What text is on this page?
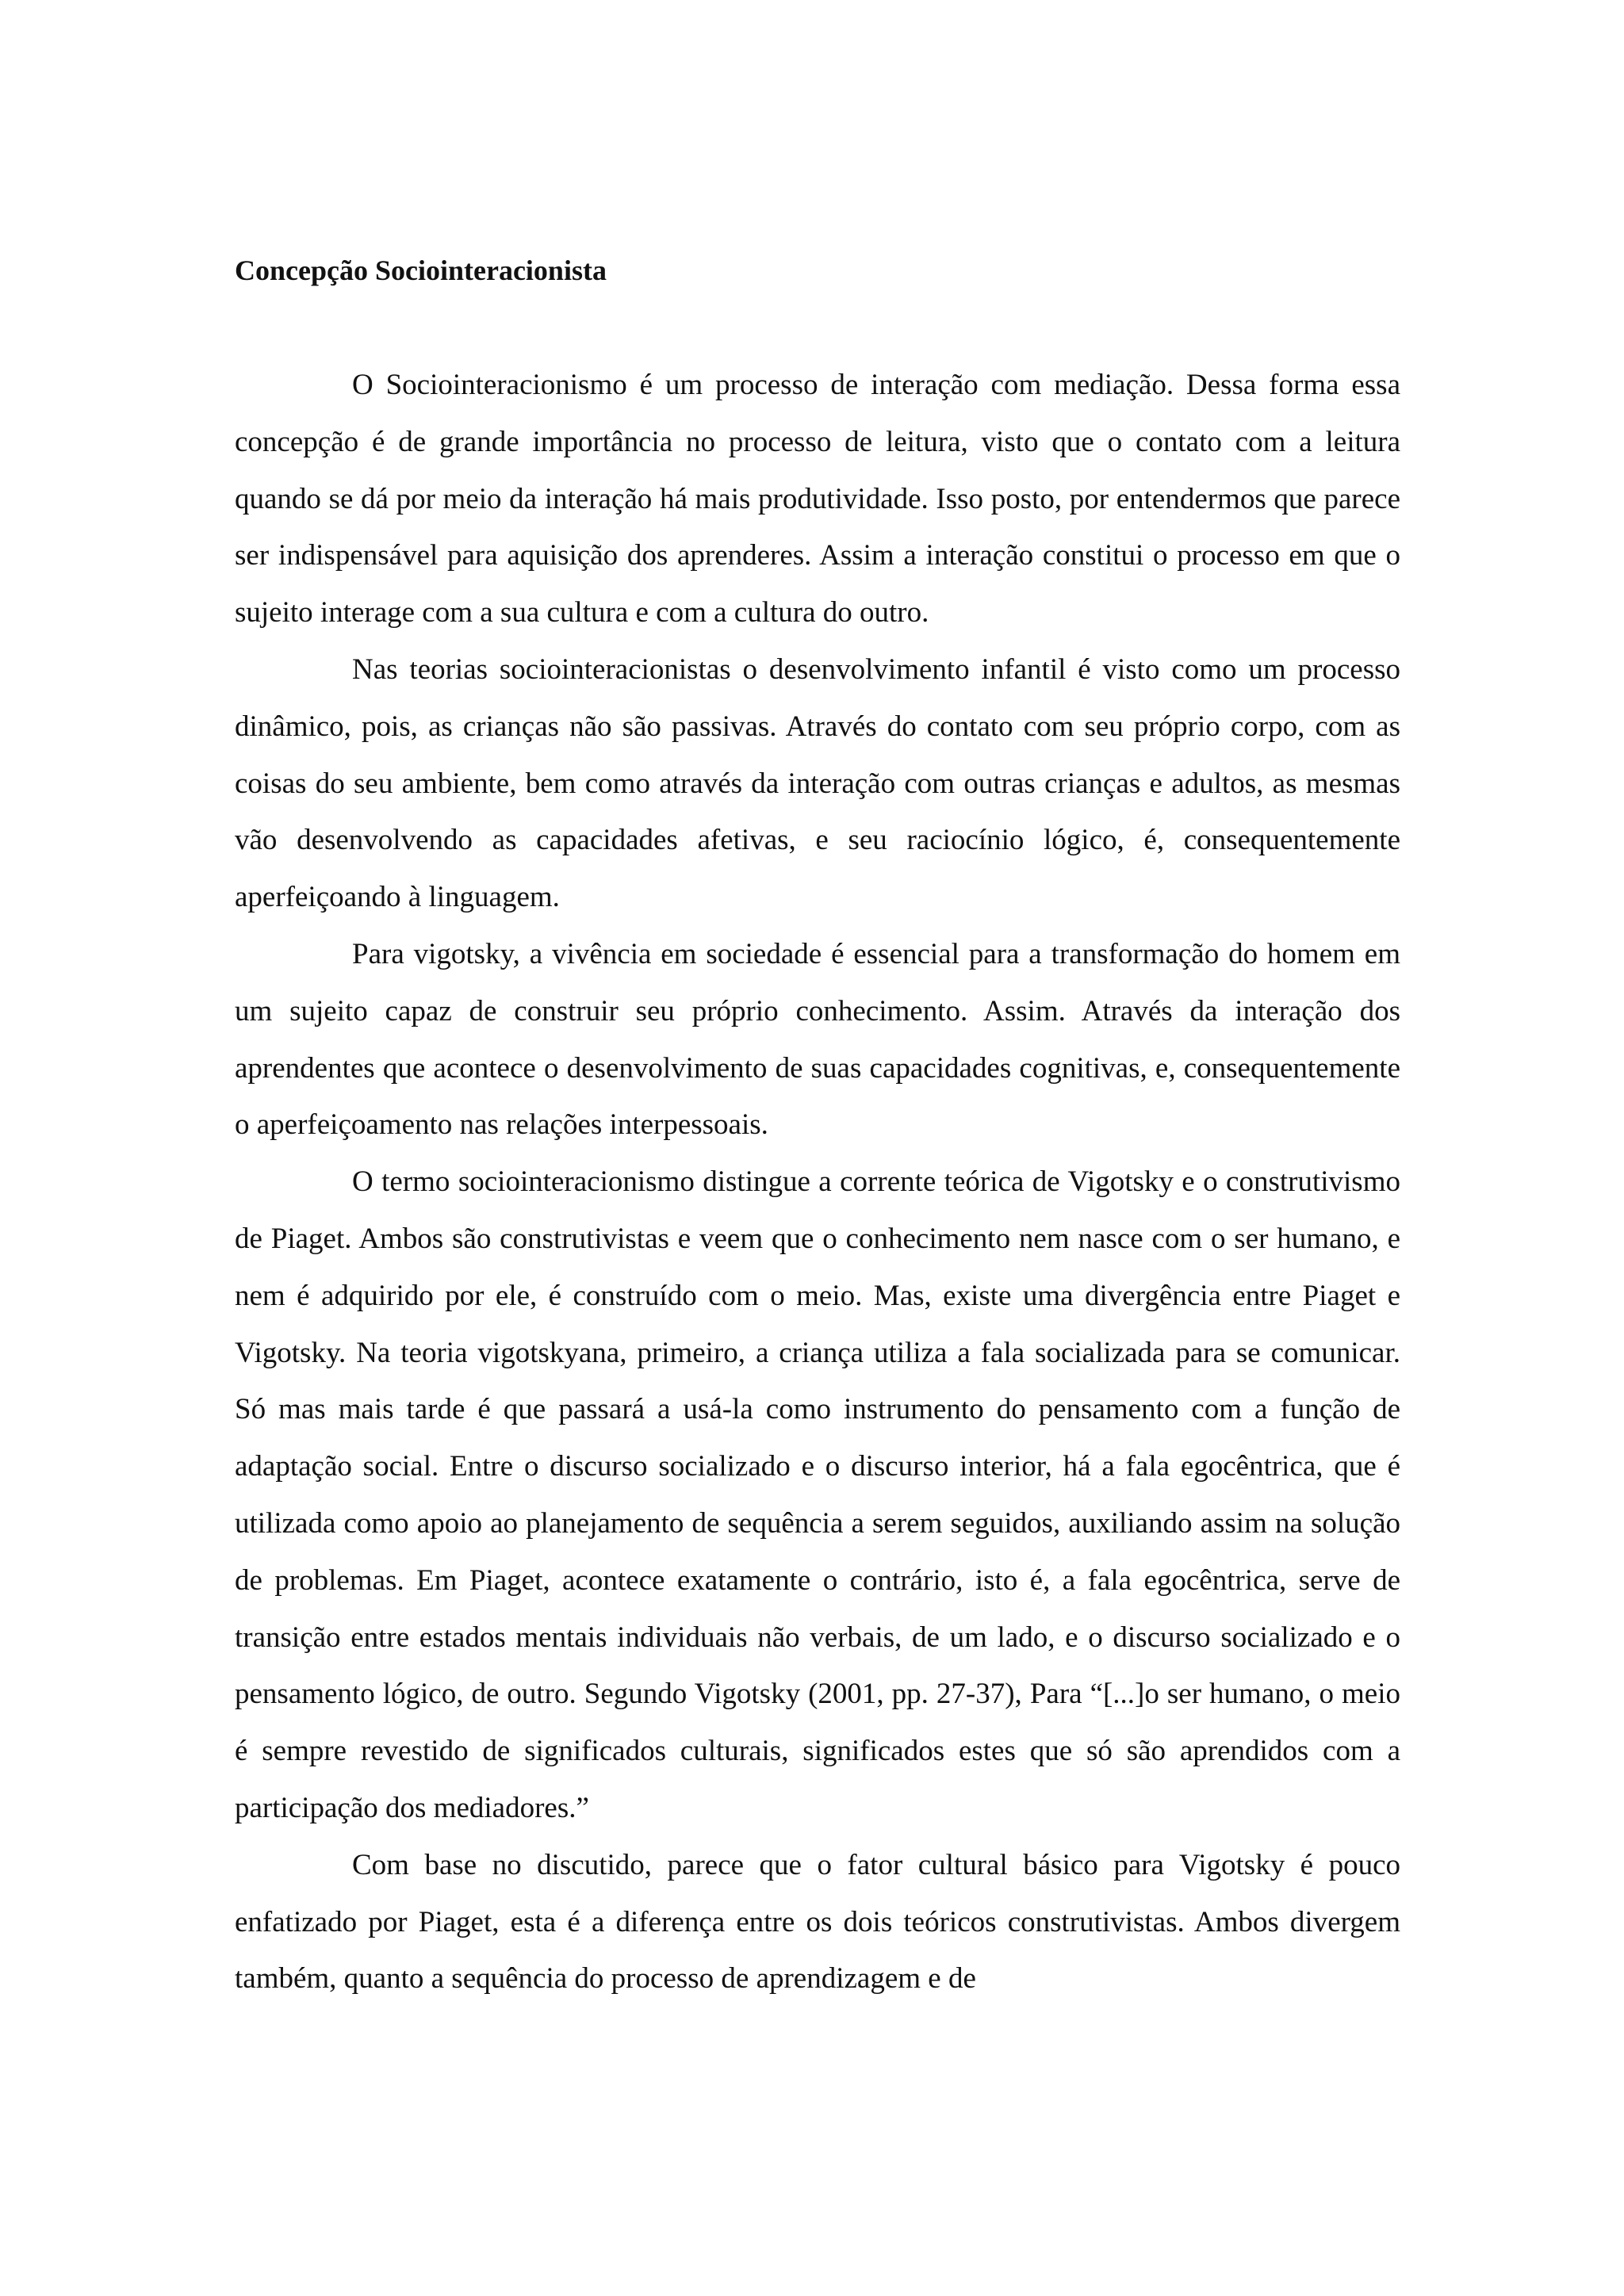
Concepção Sociointeracionista

O Sociointeracionismo é um processo de interação com mediação. Dessa forma essa concepção é de grande importância no processo de leitura, visto que o contato com a leitura quando se dá por meio da interação há mais produtividade. Isso posto, por entendermos que parece ser indispensável para aquisição dos aprenderes. Assim a interação constitui o processo em que o sujeito interage com a sua cultura e com a cultura do outro.

Nas teorias sociointeracionistas o desenvolvimento infantil é visto como um processo dinâmico, pois, as crianças não são passivas. Através do contato com seu próprio corpo, com as coisas do seu ambiente, bem como através da interação com outras crianças e adultos, as mesmas vão desenvolvendo as capacidades afetivas, e seu raciocínio lógico, é, consequentemente aperfeiçoando à linguagem.

Para vigotsky, a vivência em sociedade é essencial para a transformação do homem em um sujeito capaz de construir seu próprio conhecimento. Assim. Através da interação dos aprendentes que acontece o desenvolvimento de suas capacidades cognitivas, e, consequentemente o aperfeiçoamento nas relações interpessoais.

O termo sociointeracionismo distingue a corrente teórica de Vigotsky e o construtivismo de Piaget. Ambos são construtivistas e veem que o conhecimento nem nasce com o ser humano, e nem é adquirido por ele, é construído com o meio. Mas, existe uma divergência entre Piaget e Vigotsky. Na teoria vigotskyana, primeiro, a criança utiliza a fala socializada para se comunicar. Só mas mais tarde é que passará a usá-la como instrumento do pensamento com a função de adaptação social. Entre o discurso socializado e o discurso interior, há a fala egocêntrica, que é utilizada como apoio ao planejamento de sequência a serem seguidos, auxiliando assim na solução de problemas. Em Piaget, acontece exatamente o contrário, isto é, a fala egocêntrica, serve de transição entre estados mentais individuais não verbais, de um lado, e o discurso socializado e o pensamento lógico, de outro. Segundo Vigotsky (2001, pp. 27-37), Para “[...]o ser humano, o meio é sempre revestido de significados culturais, significados estes que só são aprendidos com a participação dos mediadores.”

Com base no discutido, parece que o fator cultural básico para Vigotsky é pouco enfatizado por Piaget, esta é a diferença entre os dois teóricos construtivistas. Ambos divergem também, quanto a sequência do processo de aprendizagem e de
